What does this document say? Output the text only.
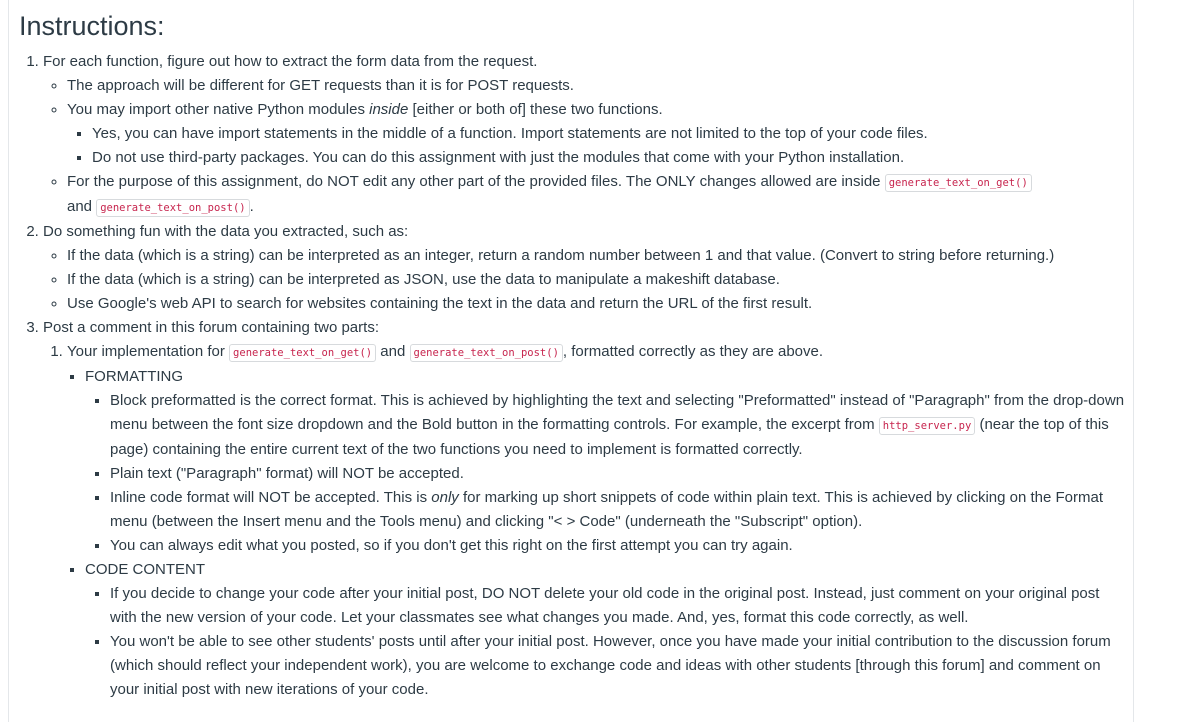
Instructions:
1. For each function, figure out how to extract the form data from the request.
◦ The approach will be different for GET requests than it is for POST requests.
◦ You may import other native Python modules inside [either or both of] these two functions.
▪ Yes, you can have import statements in the middle of a function. Import statements are not limited to the top of your code files.
▪ Do not use third-party packages. You can do this assignment with just the modules that come with your Python installation.
◦ For the purpose of this assignment, do NOT edit any other part of the provided files. The ONLY changes allowed are inside generate_text_on_get()
and generate_text_on_post() .
2. Do something fun with the data you extracted, such as:
◦ If the data (which is a string) can be interpreted as an integer, return a random number between 1 and that value. (Convert to string before returning.)
◦ If the data (which is a string) can be interpreted as JSON, use the data to manipulate a makeshift database.
◦ Use Google's web API to search for websites containing the text in the data and return the URL of the first result.
3. Post a comment in this forum containing two parts:
1. Your implementation for generate_text_on_get() and generate_text_on_post() , formatted correctly as they are above.
▪ FORMATTING
▪ Block preformatted is the correct format. This is achieved by highlighting the text and selecting "Preformatted" instead of "Paragraph" from the drop-down menu between the font size dropdown and the Bold button in the formatting controls. For example, the excerpt from http_server.py (near the top of this page) containing the entire current text of the two functions you need to implement is formatted correctly.
▪ Plain text ("Paragraph" format) will NOT be accepted.
▪ Inline code format will NOT be accepted. This is only for marking up short snippets of code within plain text. This is achieved by clicking on the Format menu (between the Insert menu and the Tools menu) and clicking "< > Code" (underneath the "Subscript" option).
▪ You can always edit what you posted, so if you don't get this right on the first attempt you can try again.
▪ CODE CONTENT
▪ If you decide to change your code after your initial post, DO NOT delete your old code in the original post. Instead, just comment on your original post with the new version of your code. Let your classmates see what changes you made. And, yes, format this code correctly, as well.
▪ You won't be able to see other students' posts until after your initial post. However, once you have made your initial contribution to the discussion forum (which should reflect your independent work), you are welcome to exchange code and ideas with other students [through this forum] and comment on your initial post with new iterations of your code.
